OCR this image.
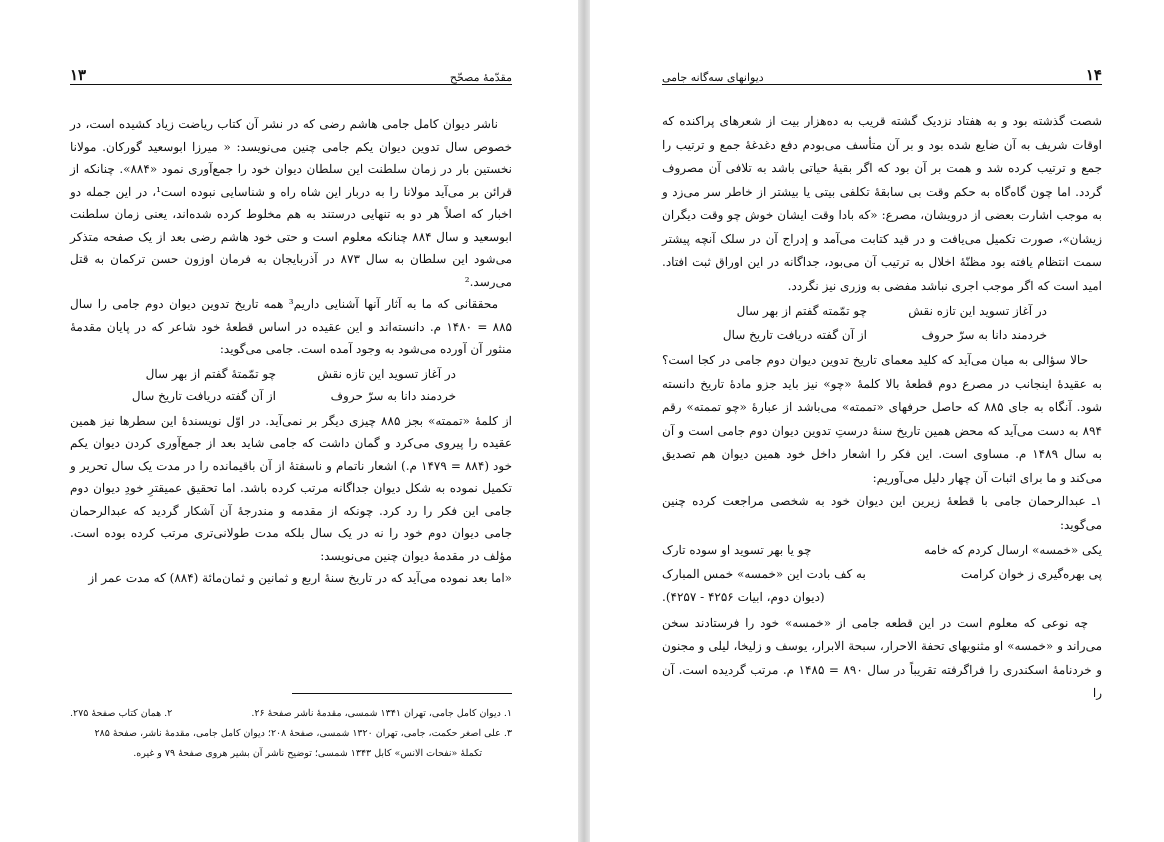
مقدّمهٔ مصحّح
۱۳

ناشر دیوان کامل جامی هاشم رضی که در نشر آن کتاب ریاضت زیاد کشیده است، در خصوص سال تدوین دیوان یکم جامی چنین می‌نویسد: « میرزا ابوسعید گورکان. مولانا نخستین بار در زمان سلطنت این سلطان دیوان خود را جمع‌آوری نمود «۸۸۴». چنانکه از قرائن بر می‌آید مولانا را به دربار این شاه راه و شناسایی نبوده است¹، در این جمله دو اخبار که اصلاً هر دو به تنهایی درستند به هم مخلوط کرده شده‌اند، یعنی زمان سلطنت ابوسعید و سال ۸۸۴ چنانکه معلوم است و حتی خود هاشم رضی بعد از یک صفحه متذکر می‌شود این سلطان به سال ۸۷۳ در آذربایجان به فرمان اوزون حسن ترکمان به قتل می‌رسد.²

محققانی که ما به آثار آنها آشنایی داریم³ همه تاریخ تدوین دیوان دوم جامی را سال ۸۸۵ = ۱۴۸۰ م. دانسته‌اند و این عقیده در اساس قطعهٔ خود شاعر که در پایان مقدمهٔ منثور آن آورده می‌شود به وجود آمده است. جامی می‌گوید:

در آغاز تسوید این تازه نقش
چو تمّمتهٔ گفتم از بهر سال
خردمند دانا به سرّ حروف
از آن گفته دریافت تاریخ سال

از کلمهٔ «تممته» بجز ۸۸۵ چیزی دیگر بر نمی‌آید. در اوّل نویسندهٔ این سطرها نیز همین عقیده را پیروی می‌کرد و گمان داشت که جامی شاید بعد از جمع‌آوری کردن دیوان یکم خود (۸۸۴ = ۱۴۷۹ م.) اشعار ناتمام و ناسفتهٔ از آن باقیمانده را در مدت یک سال تحریر و تکمیل نموده به شکل دیوان جداگانه مرتب کرده باشد. اما تحقیق عمیقترِ خودِ دیوان دوم جامی این فکر را رد کرد. چونکه از مقدمه و مندرجهٔ آن آشکار گردید که عبدالرحمان جامی دیوان دوم خود را نه در یک سال بلکه مدت طولانی‌تری مرتب کرده بوده است. مؤلف در مقدمهٔ دیوان چنین می‌نویسد:

«اما بعد نموده می‌آید که در تاریخ سنهٔ اربع و ثمانین و ثمان‌مائة (۸۸۴) که مدت عمر از

۱. دیوان کامل جامی، تهران ۱۳۴۱ شمسی، مقدمهٔ ناشر صفحهٔ ۲۶.
۲. همان کتاب صفحهٔ ۲۷۵.
۳. علی اصغر حکمت، جامی، تهران ۱۳۲۰ شمسی، صفحهٔ ۲۰۸؛ دیوان کامل جامی، مقدمهٔ ناشر، صفحهٔ ۲۸۵
تکملهٔ «نفحات الانس» کابل ۱۳۴۳ شمسی؛ توضیح ناشر آن بشیر هروی صفحهٔ ۷۹ و غیره.
۱۴
دیوانهای سه‌گانه جامی

شصت گذشته بود و به هفتاد نزدیک گشته قریب به ده‌هزار بیت از شعرهای پراکنده که اوقات شریف به آن ضایع شده بود و بر آن متأسف می‌بودم دفع دغدغهٔ جمع و ترتیب را جمع و ترتیب کرده شد و همت بر آن بود که اگر بقیهٔ حیاتی باشد به تلافی آن مصروف گردد. اما چون گاه‌گاه به حکم وقت بی سابقهٔ تکلفی بیتی یا بیشتر از خاطر سر می‌زد و به موجب اشارت بعضی از درویشان، مصرع: «که بادا وقت ایشان خوش چو وقت دیگران زیشان»، صورت تکمیل می‌یافت و در قید کتابت می‌آمد و إدراج آن در سلک آنچه پیشتر سمت انتظام یافته بود مظنّهٔ اخلال به ترتیب آن می‌بود، جداگانه در این اوراق ثبت افتاد. امید است که اگر موجب اجری نباشد مفضی به وزری نیز نگردد.

در آغاز تسوید این تازه نقش
چو تمّمته گفتم از بهر سال
خردمند دانا به سرّ حروف
از آن گفته دریافت تاریخ سال

حالا سؤالی به میان می‌آید که کلید معمای تاریخ تدوین دیوان دوم جامی در کجا است؟ به عقیدهٔ اینجانب در مصرع دوم قطعهٔ بالا کلمهٔ «چو» نیز باید جزو مادهٔ تاریخ دانسته شود. آنگاه به جای ۸۸۵ که حاصل حرفهای «تممته» می‌باشد از عبارهٔ «چو تممته» رقم ۸۹۴ به دست می‌آید که محض همین تاریخ سنهٔ درستِ تدوین دیوان دوم جامی است و آن به سال ۱۴۸۹ م. مساوی است. این فکر را اشعار داخل خود همین دیوان هم تصدیق می‌کند و ما برای اثبات آن چهار دلیل می‌آوریم:

۱ـ عبدالرحمان جامی با قطعهٔ زیرین این دیوان خود به شخصی مراجعت کرده چنین می‌گوید:

یکی «خمسه» ارسال کردم که خامه
چو یا بهر تسوید او سوده تارک
پی بهره‌گیری ز خوان کرامت
به کف بادت این «خمسه» خمس المبارک
(دیوان دوم، ابیات ۴۲۵۶ - ۴۲۵۷).

چه نوعی که معلوم است در این قطعه جامی از «خمسه» خود را فرستادند سخن می‌راند و «خمسه» او مثنویهای تحفة الاحرار، سبحة الابرار، یوسف و زلیخا، لیلی و مجنون و خردنامهٔ اسکندری را فراگرفته تقریباً در سال ۸۹۰ = ۱۴۸۵ م. مرتب گردیده است. آن را
